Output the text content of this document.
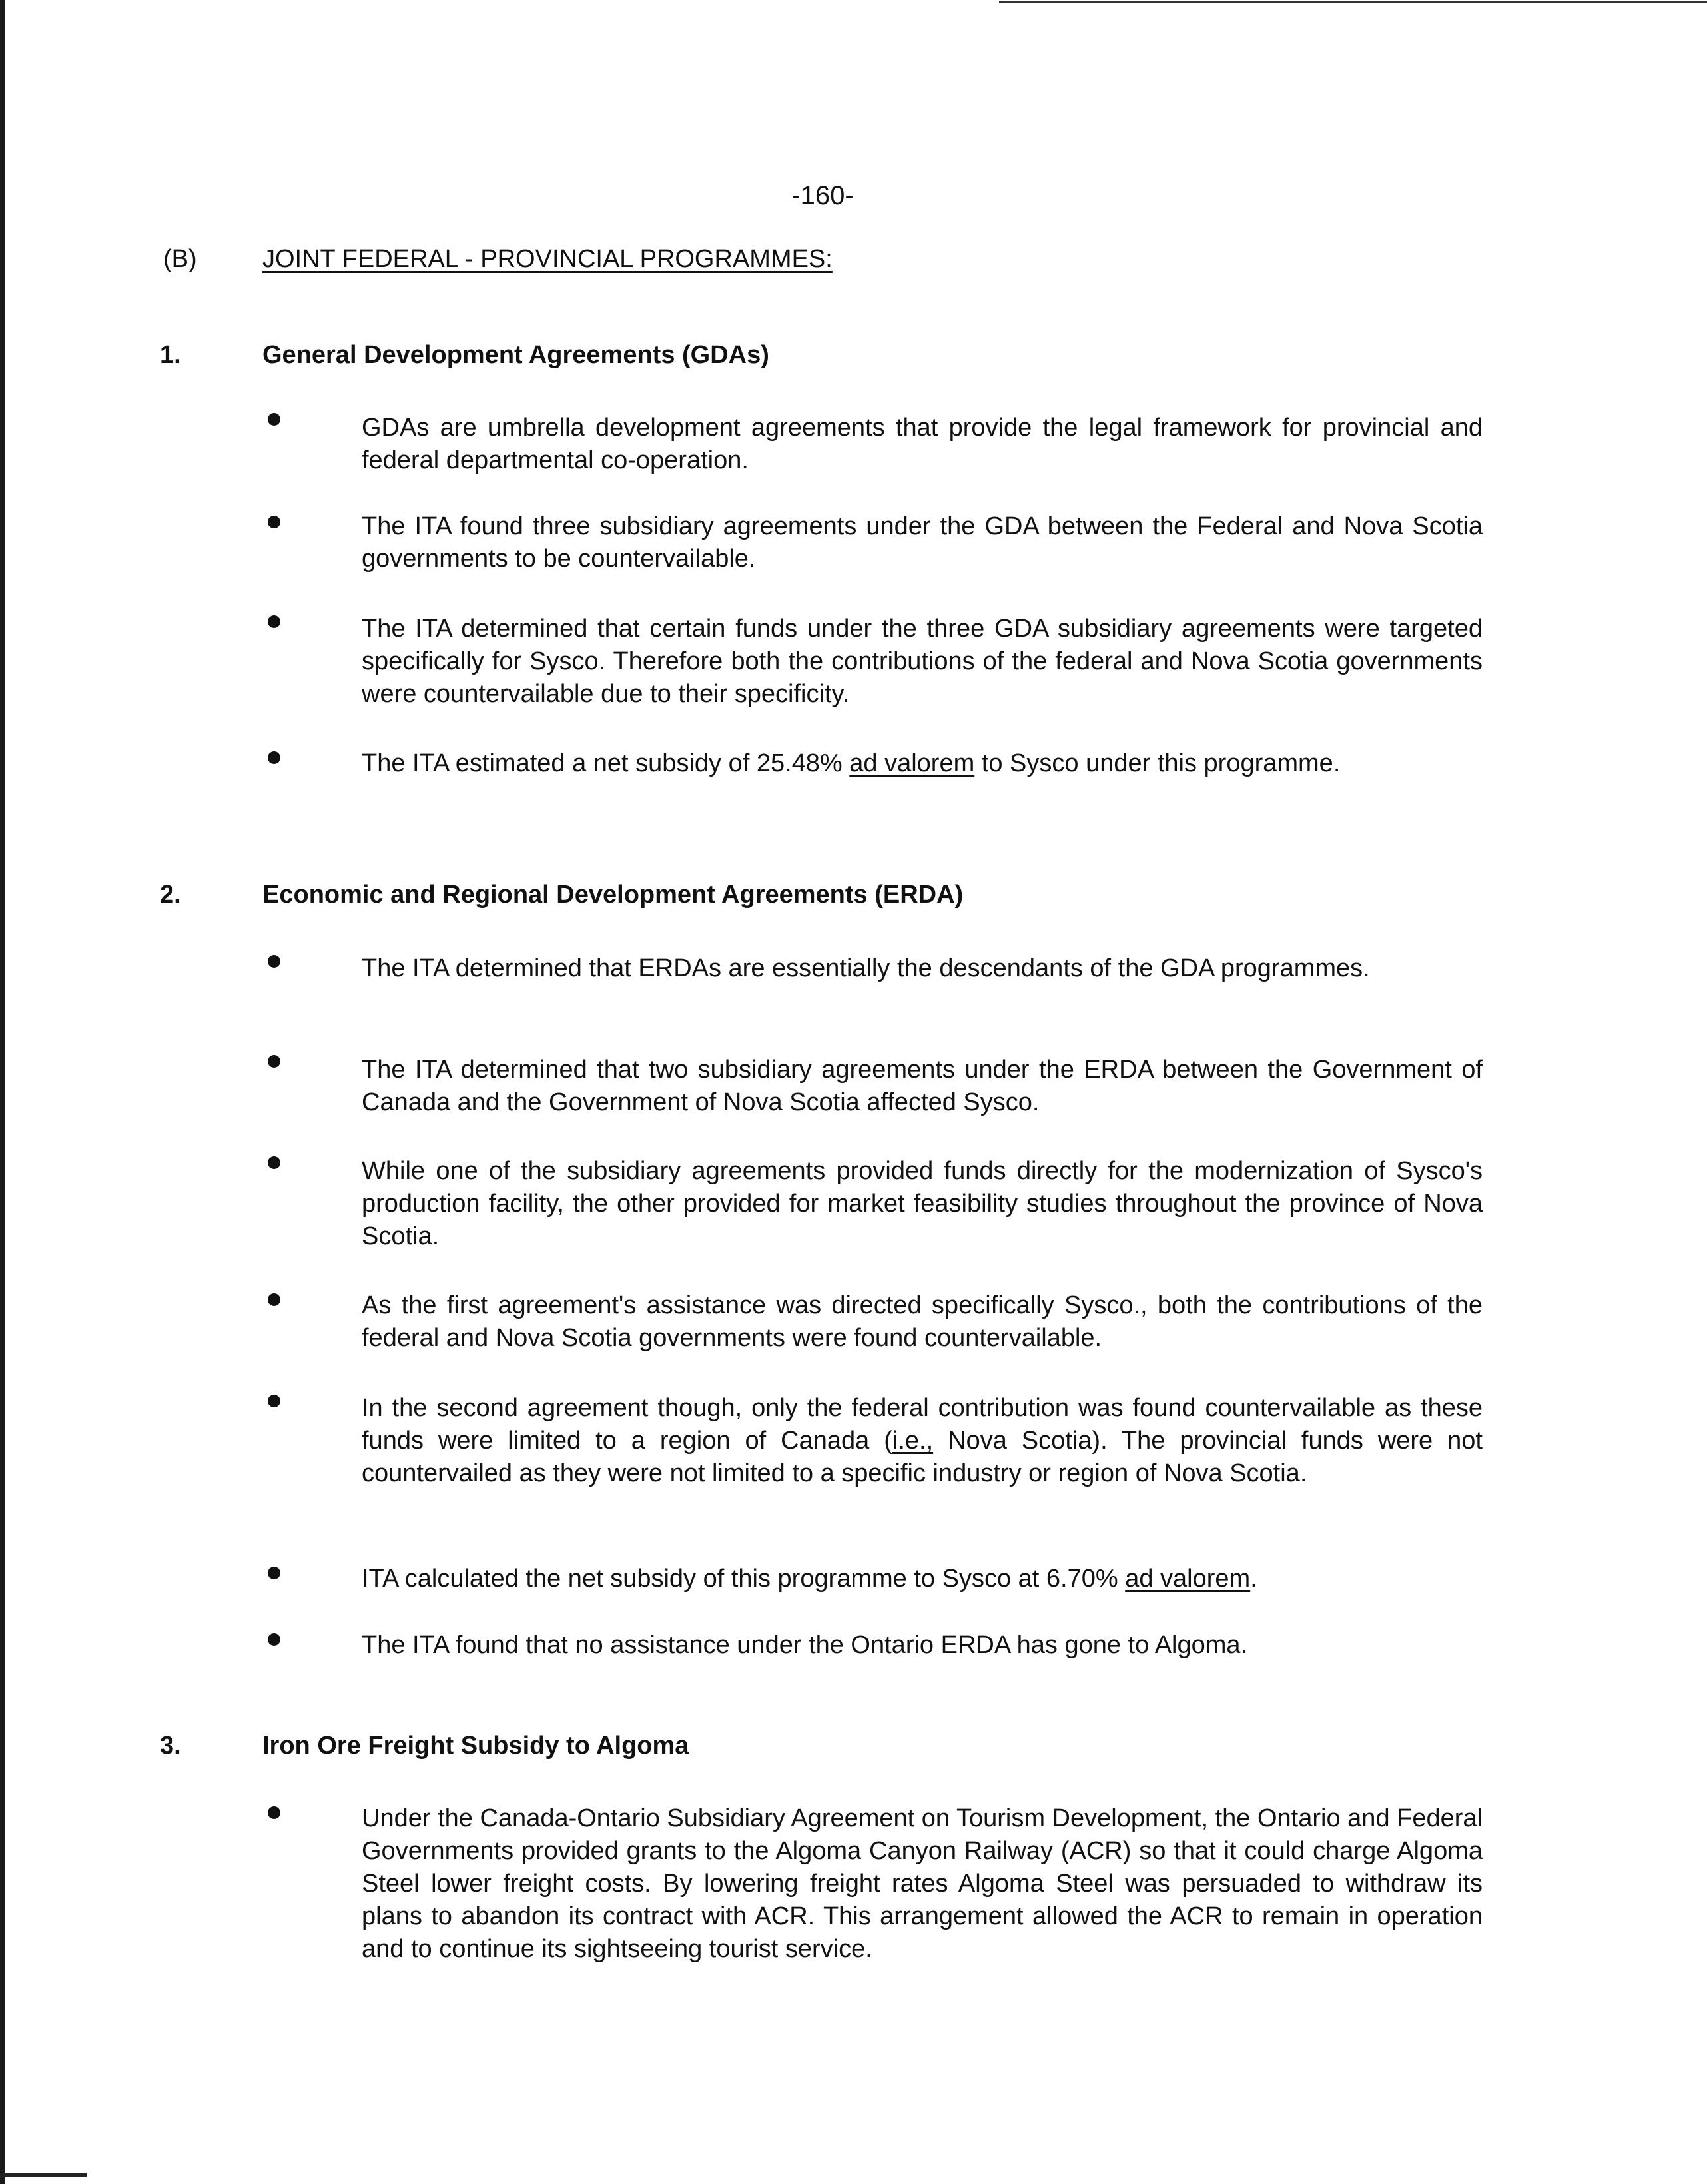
-160-
(B)	JOINT FEDERAL - PROVINCIAL PROGRAMMES:
1.	General Development Agreements (GDAs)
GDAs are umbrella development agreements that provide the legal framework for provincial and federal departmental co-operation.
The ITA found three subsidiary agreements under the GDA between the Federal and Nova Scotia governments to be countervailable.
The ITA determined that certain funds under the three GDA subsidiary agreements were targeted specifically for Sysco. Therefore both the contributions of the federal and Nova Scotia governments were countervailable due to their specificity.
The ITA estimated a net subsidy of 25.48% ad valorem to Sysco under this programme.
2.	Economic and Regional Development Agreements (ERDA)
The ITA determined that ERDAs are essentially the descendants of the GDA programmes.
The ITA determined that two subsidiary agreements under the ERDA between the Government of Canada and the Government of Nova Scotia affected Sysco.
While one of the subsidiary agreements provided funds directly for the modernization of Sysco's production facility, the other provided for market feasibility studies throughout the province of Nova Scotia.
As the first agreement's assistance was directed specifically Sysco., both the contributions of the federal and Nova Scotia governments were found countervailable.
In the second agreement though, only the federal contribution was found countervailable as these funds were limited to a region of Canada (i.e., Nova Scotia). The provincial funds were not countervailed as they were not limited to a specific industry or region of Nova Scotia.
ITA calculated the net subsidy of this programme to Sysco at 6.70% ad valorem.
The ITA found that no assistance under the Ontario ERDA has gone to Algoma.
3.	Iron Ore Freight Subsidy to Algoma
Under the Canada-Ontario Subsidiary Agreement on Tourism Development, the Ontario and Federal Governments provided grants to the Algoma Canyon Railway (ACR) so that it could charge Algoma Steel lower freight costs. By lowering freight rates Algoma Steel was persuaded to withdraw its plans to abandon its contract with ACR. This arrangement allowed the ACR to remain in operation and to continue its sightseeing tourist service.
